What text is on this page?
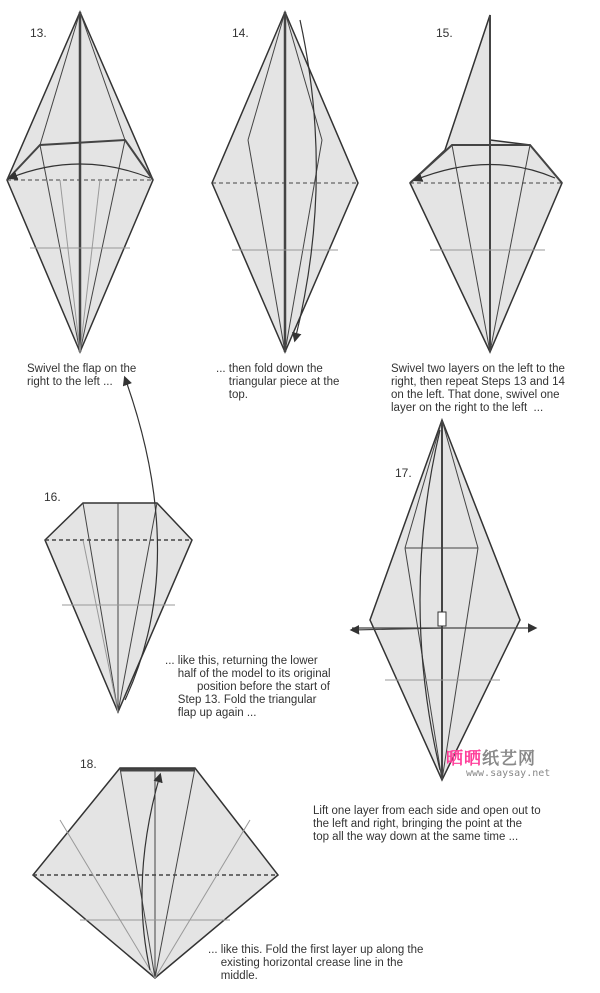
13.	14.	15.
16.
17.
18.
Swivel the flap on the
right to the left ...
... then fold down the
triangular piece at the
top.
Swivel two layers on the left to the
right, then repeat Steps 13 and 14
on the left. That done, swivel one
layer on the right to the left  ...
... like this, returning the lower
half of the model to its original
position before the start of
Step 13. Fold the triangular
flap up again ...
Lift one layer from each side and open out to
the left and right, bringing the point at the
top all the way down at the same time ...
... like this. Fold the first layer up along the
existing horizontal crease line in the
middle.
晒晒纸艺网
www.saysay.net
